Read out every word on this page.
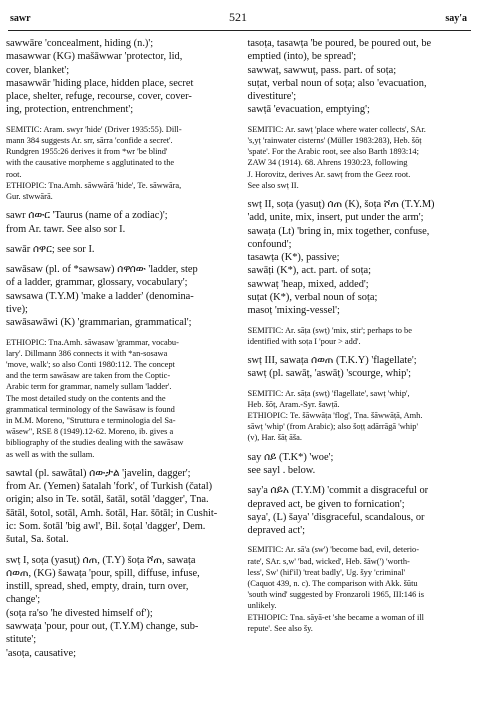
sawr	521	say'a
sawwāre 'concealment, hiding (n.)';
masawwar (KG) mašāwwar 'protector, lid,
cover, blanket';
masawwār 'hiding place, hidden place, secret
place, shelter, refuge, recourse, cover, cover-
ing, protection, entrenchment';
SEMITIC: Aram. swyr 'hide' (Driver 1935:55). Dill-
mann 384 suggests Ar. srr, sārra 'confide a secret'.
Rundgren 1955:26 derives it from *wr 'be blind'
with the causative morpheme s agglutinated to the
root.
ETHIOPIC: Tna.Amh. sāwwārā 'hide', Te. sāwwāra,
Gur. sīwwārā.
sawr ሰውር 'Taurus (name of a zodiac)';
from Ar. tawr. See also sor I.
sawār ሰዋር; see sor I.
sawāsaw (pl. of *sawsaw) ሰዋሰው 'ladder, step
of a ladder, grammar, glossary, vocabulary';
sawsawa (T.Y.M) 'make a ladder' (denomina-
tive);
sawāsawāwi (K) 'grammarian, grammatical';
ETHIOPIC: Tna.Amh. sāwasaw 'grammar, vocabu-
lary'. Dillmann 386 connects it with *an-sosawa
'move, walk'; so also Conti 1980:112. The concept
and the term sawāsaw are taken from the Coptic-
Arabic term for grammar, namely sullam 'ladder'.
The most detailed study on the contents and the
grammatical terminology of the Sawāsaw is found
in M.M. Moreno, "Struttura e terminologia del Sa-
wāsew", RSE 8 (1949).12-62. Moreno, ib. gives a
bibliography of the studies dealing with the sawāsaw
as well as with the sullam.
sawtal (pl. sawātal) ሰውታል 'javelin, dagger';
from Ar. (Yemen) šatalah 'fork', of Turkish (čatal)
origin; also in Te. sotāl, šatāl, sotāl 'dagger', Tna.
šātāl, šotol, sotāl, Amh. šotāl, Har. šōtāl; in Cushit-
ic: Som. šotāl 'big awl', Bil. šoṭal 'dagger', Dem.
šutal, Sa. šotal.
swṭ I, soṭa (yasuṭ) ሰጠ, (T.Y) šoṭa ሾጠ, sawaṭa
ሰወጠ, (KG) šawaṭa 'pour, spill, diffuse, infuse,
instill, spread, shed, empty, drain, turn over,
change';
(soṭa ra'so 'he divested himself of');
sawwaṭa 'pour, pour out, (T.Y.M) change, sub-
stitute';
'asoṭa, causative;
tasoṭa, tasawṭa 'be poured, be poured out, be
emptied (into), be spread';
sawwaṭ, sawwuṭ, pass. part. of soṭa;
suṭat, verbal noun of soṭa; also 'evacuation,
divestiture';
sawṭā 'evacuation, emptying';
SEMITIC: Ar. sawṭ 'place where water collects', SAr.
's,yṭ 'rainwater cisterns' (Müller 1983:283), Heb. šōṭ
'spate'. For the Arabic root, see also Barth 1893:14;
ZAW 34 (1914). 68. Ahrens 1930:23, following
J. Horovitz, derives Ar. sawṭ from the Geez root.
See also swṭ II.
swṭ II, soṭa (yasuṭ) ሰጠ (K), šoṭa ሾጠ (T.Y.M)
'add, unite, mix, insert, put under the arm';
sawaṭa (Lt) 'bring in, mix together, confuse,
confound';
tasawṭa (K*), passive;
sawāṭi (K*), act. part. of soṭa;
sawwaṭ 'heap, mixed, added';
suṭat (K*), verbal noun of soṭa;
masoṭ 'mixing-vessel';
SEMITIC: Ar. sāṭa (swṭ) 'mix, stir'; perhaps to be
identified with soṭa I 'pour > add'.
swṭ III, sawaṭa ሰወጠ (T.K.Y) 'flagellate';
sawṭ (pl. sawāṭ, 'aswāṭ) 'scourge, whip';
SEMITIC: Ar. sāṭa (swṭ) 'flagellate', sawṭ 'whip',
Heb. šōṭ, Aram.-Syr. šawṭā.
ETHIOPIC: Te. šāwwāṭa 'flog', Tna. šāwwāṭā, Amh.
sāwṭ 'whip' (from Arabic); also šoṭṭ adārrāgā 'whip'
(v), Har. šāṭ āša.
say ሰይ (T.K*) 'woe';
see sayl . below.
say'a ሰይአ (T.Y.M) 'commit a disgraceful or
depraved act, be given to fornication';
saya', (L) šaya' 'disgraceful, scandalous, or
depraved act';
SEMITIC: Ar. sā'a (sw') 'become bad, evil, deterio-
rate', SAr. s,w' 'bad, wicked', Heb. šāw(') 'worth-
less', Sw' (hif'il) 'treat badly', Ug. šyy 'criminal'
(Caquot 439, n. c). The comparison with Akk. šūtu
'south wind' suggested by Fronzaroli 1965, III:146 is
unlikely.
ETHIOPIC: Tna. sāyā-et 'she became a woman of ill
repute'. See also šy.
